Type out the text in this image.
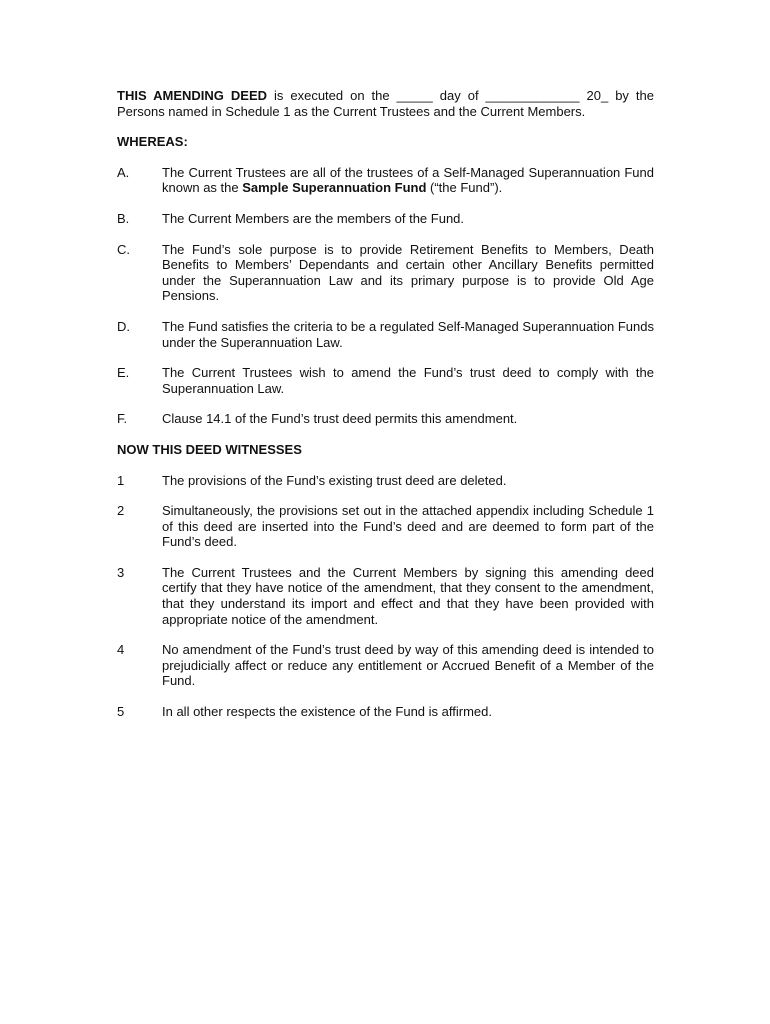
THIS AMENDING DEED is executed on the _____ day of _____________ 20_ by the Persons named in Schedule 1 as the Current Trustees and the Current Members.

WHEREAS:

A.	The Current Trustees are all of the trustees of a Self-Managed Superannuation Fund known as the Sample Superannuation Fund (“the Fund”).
B.	The Current Members are the members of the Fund.
C.	The Fund’s sole purpose is to provide Retirement Benefits to Members, Death Benefits to Members’ Dependants and certain other Ancillary Benefits permitted under the Superannuation Law and its primary purpose is to provide Old Age Pensions.
D.	The Fund satisfies the criteria to be a regulated Self-Managed Superannuation Funds under the Superannuation Law.
E.	The Current Trustees wish to amend the Fund’s trust deed to comply with the Superannuation Law.
F.	Clause 14.1 of the Fund’s trust deed permits this amendment.

NOW THIS DEED WITNESSES

1	The provisions of the Fund’s existing trust deed are deleted.
2	Simultaneously, the provisions set out in the attached appendix including Schedule 1 of this deed are inserted into the Fund’s deed and are deemed to form part of the Fund’s deed.
3	The Current Trustees and the Current Members by signing this amending deed certify that they have notice of the amendment, that they consent to the amendment, that they understand its import and effect and that they have been provided with appropriate notice of the amendment.
4	No amendment of the Fund’s trust deed by way of this amending deed is intended to prejudicially affect or reduce any entitlement or Accrued Benefit of a Member of the Fund.
5	In all other respects the existence of the Fund is affirmed.
